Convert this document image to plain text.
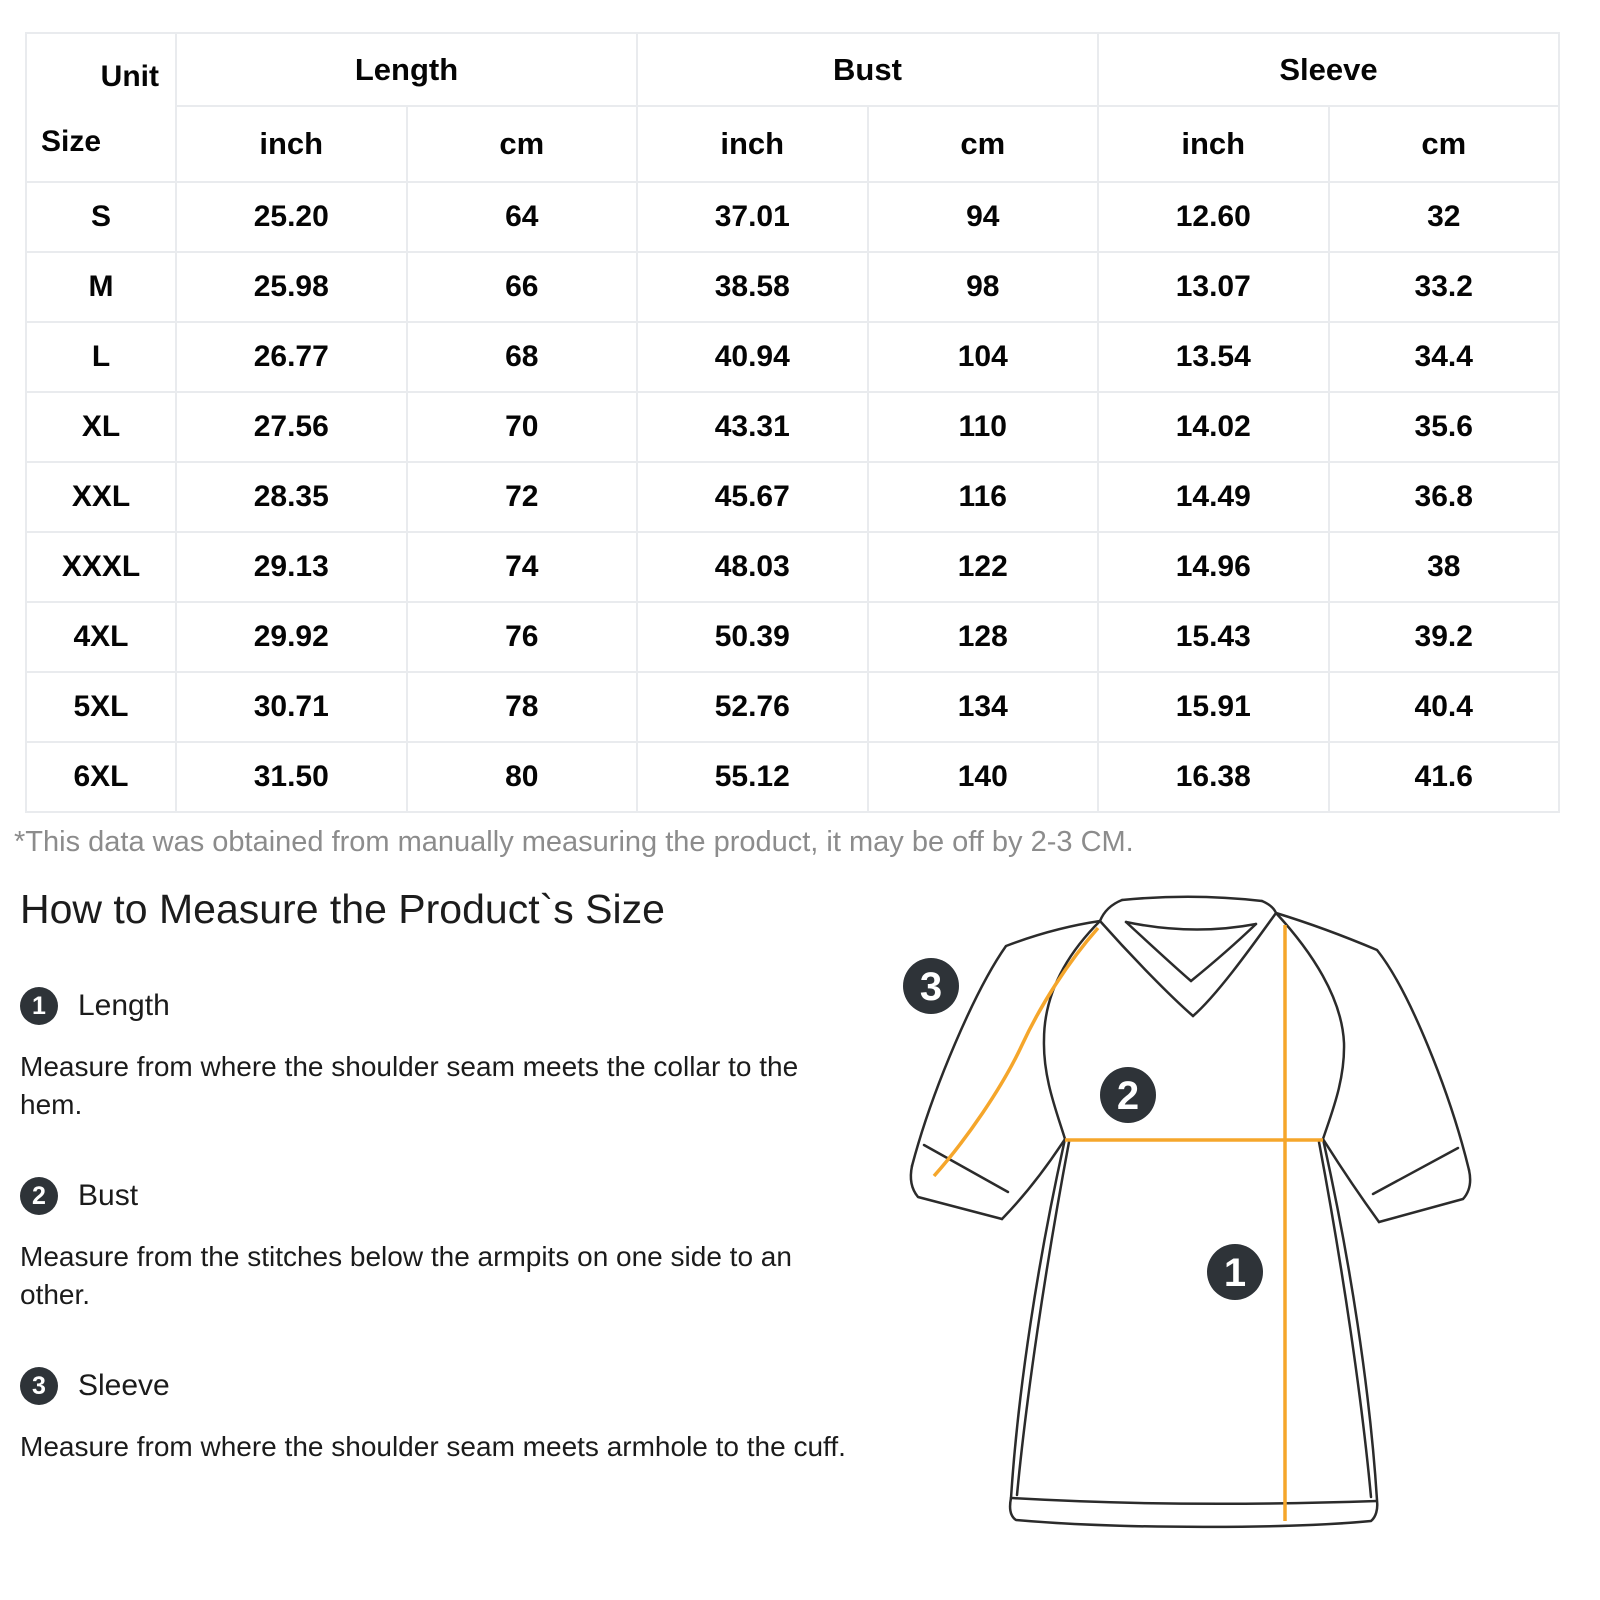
Unit
Size	Length		Bust		Sleeve	
	inch	cm	inch	cm	inch	cm
S	25.20	64	37.01	94	12.60	32
M	25.98	66	38.58	98	13.07	33.2
L	26.77	68	40.94	104	13.54	34.4
XL	27.56	70	43.31	110	14.02	35.6
XXL	28.35	72	45.67	116	14.49	36.8
XXXL	29.13	74	48.03	122	14.96	38
4XL	29.92	76	50.39	128	15.43	39.2
5XL	30.71	78	52.76	134	15.91	40.4
6XL	31.50	80	55.12	140	16.38	41.6
*This data was obtained from manually measuring the product, it may be off by 2-3 CM.
How to Measure the Product`s Size
1	Length
Measure from where the shoulder seam meets the collar to the hem.
2	Bust
Measure from the stitches below the armpits on one side to an other.
3	Sleeve
Measure from where the shoulder seam meets armhole to the cuff.
3
2
1
